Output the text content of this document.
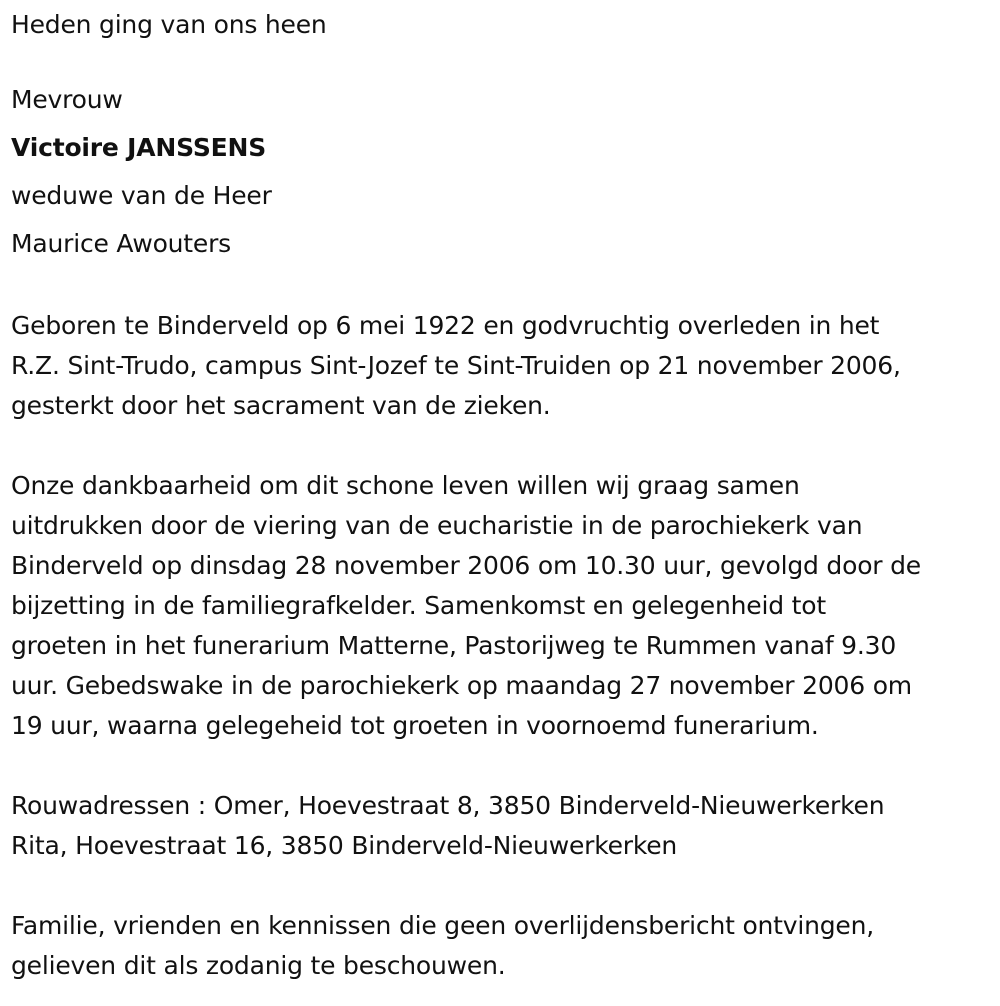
Heden ging van ons heen
Mevrouw
Victoire JANSSENS
weduwe van de Heer
Maurice Awouters
Geboren te Binderveld op 6 mei 1922 en godvruchtig overleden in het
R.Z. Sint-Trudo, campus Sint-Jozef te Sint-Truiden op 21 november 2006,
gesterkt door het sacrament van de zieken.
Onze dankbaarheid om dit schone leven willen wij graag samen
uitdrukken door de viering van de eucharistie in de parochiekerk van
Binderveld op dinsdag 28 november 2006 om 10.30 uur, gevolgd door de
bijzetting in de familiegrafkelder. Samenkomst en gelegenheid tot
groeten in het funerarium Matterne, Pastorijweg te Rummen vanaf 9.30
uur. Gebedswake in de parochiekerk op maandag 27 november 2006 om
19 uur, waarna gelegeheid tot groeten in voornoemd funerarium.
Rouwadressen : Omer, Hoevestraat 8, 3850 Binderveld-Nieuwerkerken
Rita, Hoevestraat 16, 3850 Binderveld-Nieuwerkerken
Familie, vrienden en kennissen die geen overlijdensbericht ontvingen,
gelieven dit als zodanig te beschouwen.
